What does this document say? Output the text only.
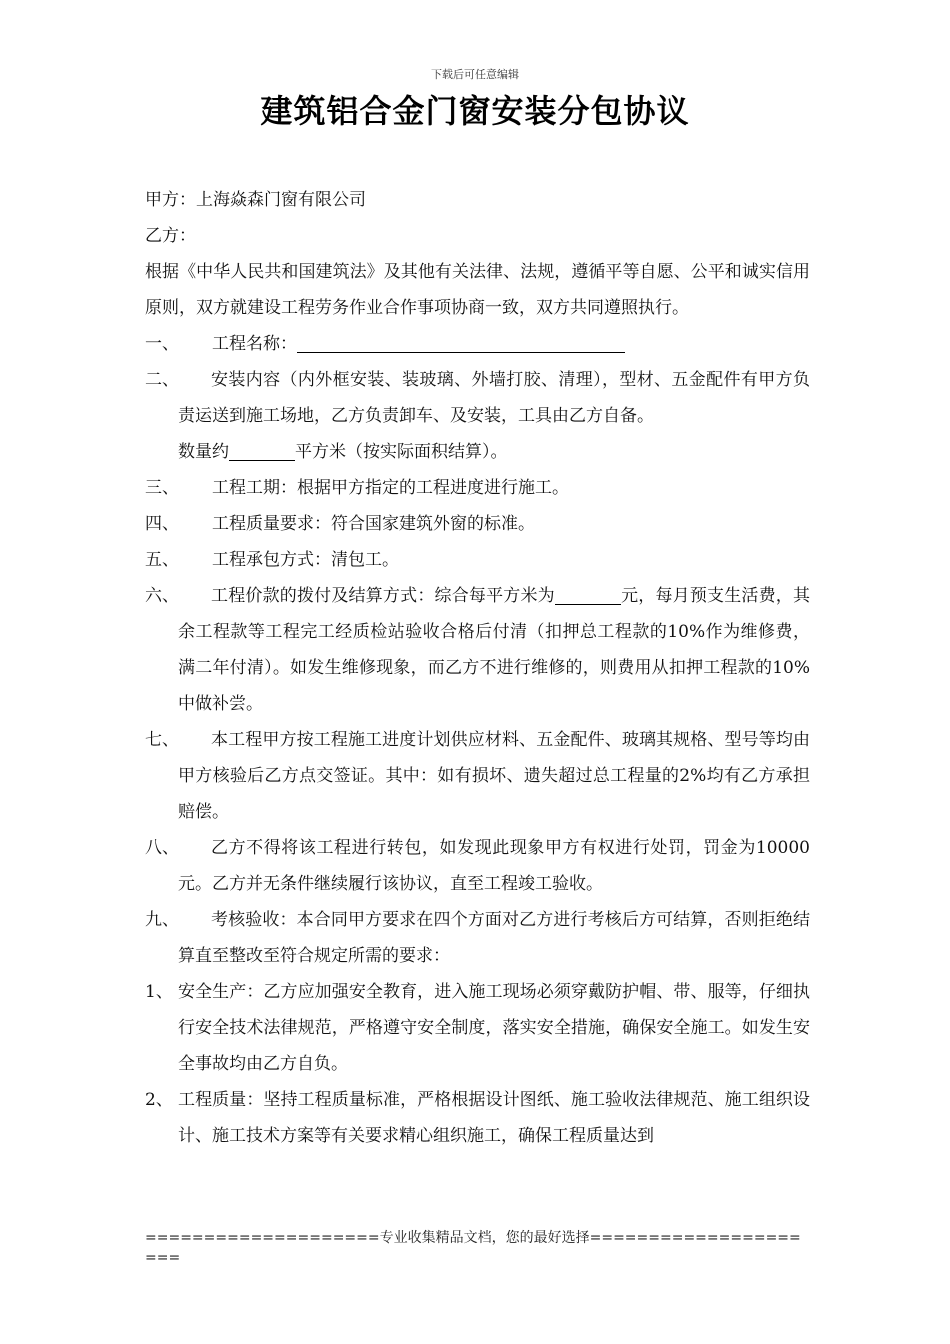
下载后可任意编辑
建筑铝合金门窗安装分包协议
甲方：上海焱森门窗有限公司
乙方：
根据《中华人民共和国建筑法》及其他有关法律、法规，遵循平等自愿、公平和诚实信用原则，双方就建设工程劳务作业合作事项协商一致，双方共同遵照执行。
一、	工程名称：
二、	安装内容（内外框安装、装玻璃、外墙打胶、清理），型材、五金配件有甲方负责运送到施工场地，乙方负责卸车、及安装，工具由乙方自备。
数量约	平方米（按实际面积结算）。
三、	工程工期：根据甲方指定的工程进度进行施工。
四、	工程质量要求：符合国家建筑外窗的标准。
五、	工程承包方式：清包工。
六、	工程价款的拨付及结算方式：综合每平方米为	元，每月预支生活费，其余工程款等工程完工经质检站验收合格后付清（扣押总工程款的10%作为维修费，满二年付清）。如发生维修现象，而乙方不进行维修的，则费用从扣押工程款的10%中做补尝。
七、	本工程甲方按工程施工进度计划供应材料、五金配件、玻璃其规格、型号等均由甲方核验后乙方点交签证。其中：如有损坏、遗失超过总工程量的2%均有乙方承担赔偿。
八、	乙方不得将该工程进行转包，如发现此现象甲方有权进行处罚，罚金为10000元。乙方并无条件继续履行该协议，直至工程竣工验收。
九、	考核验收：本合同甲方要求在四个方面对乙方进行考核后方可结算，否则拒绝结算直至整改至符合规定所需的要求：
1、 安全生产：乙方应加强安全教育，进入施工现场必须穿戴防护帽、带、服等，仔细执行安全技术法律规范，严格遵守安全制度，落实安全措施，确保安全施工。如发生安全事故均由乙方自负。
2、 工程质量：坚持工程质量标准，严格根据设计图纸、施工验收法律规范、施工组织设计、施工技术方案等有关要求精心组织施工，确保工程质量达到
====================专业收集精品文档，您的最好选择=====================
